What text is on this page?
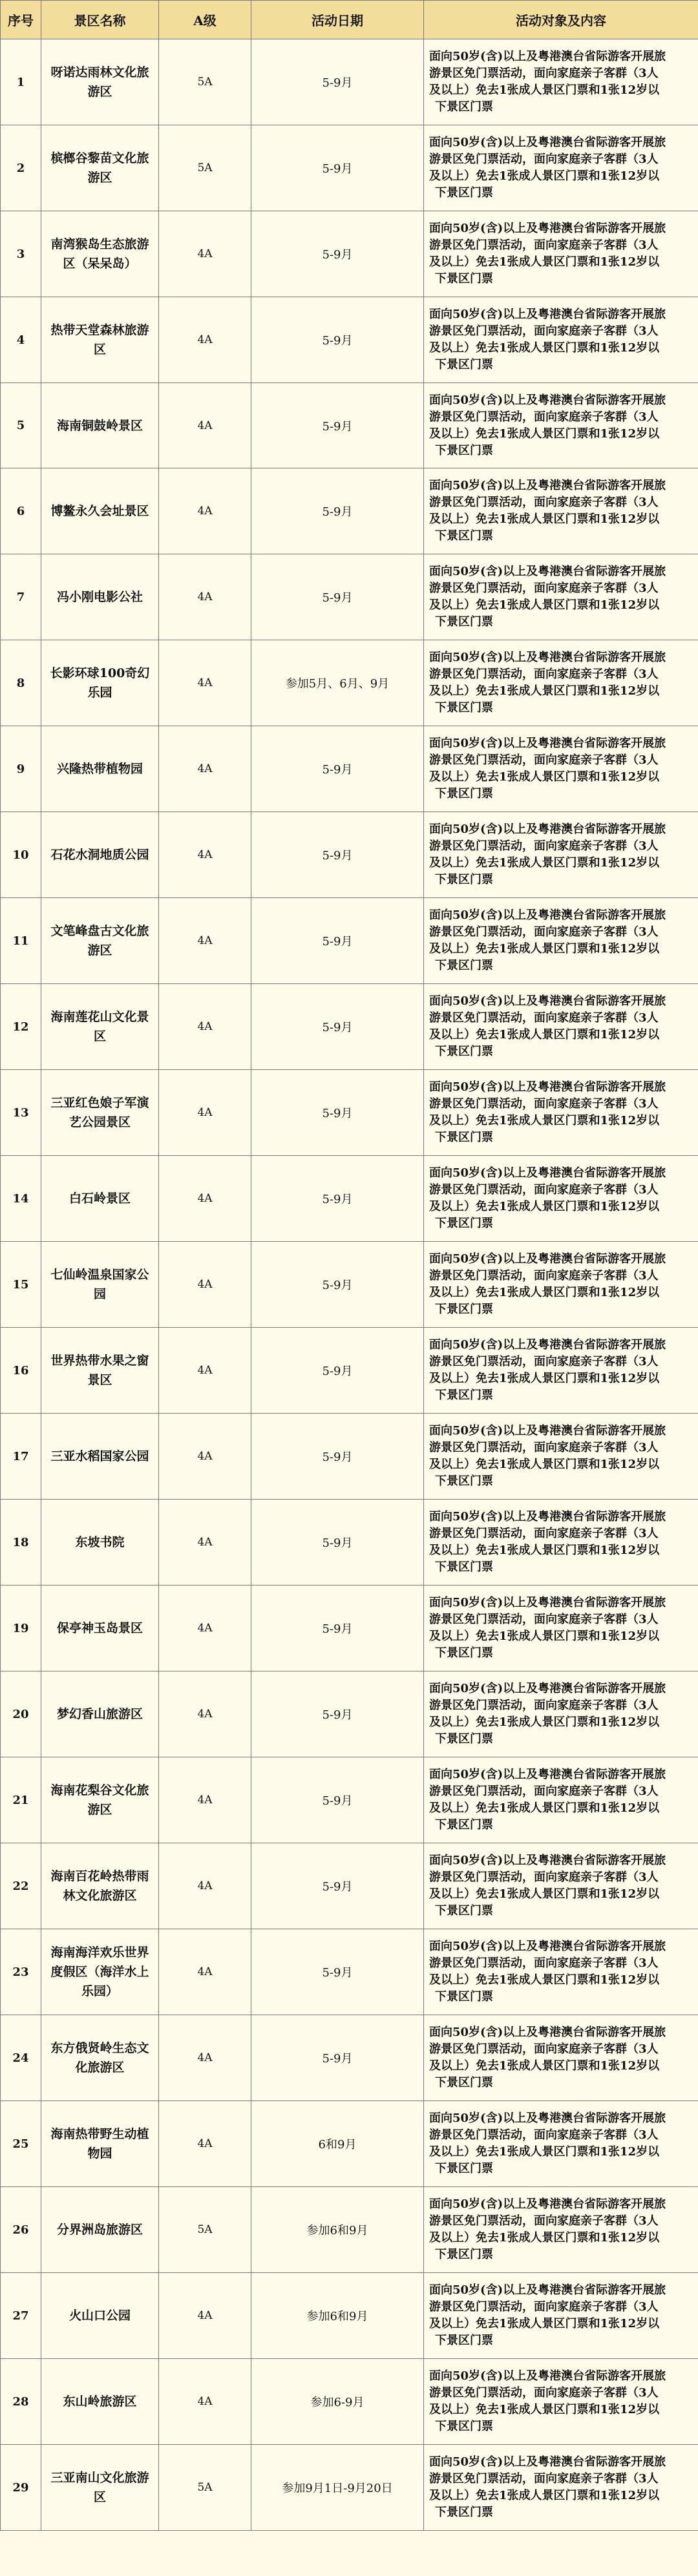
序号	景区名称	A级	活动日期	活动对象及内容
1	呀诺达雨林文化旅游区	5A	5-9月	面向50岁(含)以上及粤港澳台省际游客开展旅
游景区免门票活动，面向家庭亲子客群（3人
及以上）免去1张成人景区门票和1张12岁以
下景区门票

2	槟榔谷黎苗文化旅游区	5A	5-9月	面向50岁(含)以上及粤港澳台省际游客开展旅
游景区免门票活动，面向家庭亲子客群（3人
及以上）免去1张成人景区门票和1张12岁以
下景区门票

3	南湾猴岛生态旅游区（呆呆岛）	4A	5-9月	面向50岁(含)以上及粤港澳台省际游客开展旅
游景区免门票活动，面向家庭亲子客群（3人
及以上）免去1张成人景区门票和1张12岁以
下景区门票

4	热带天堂森林旅游区	4A	5-9月	面向50岁(含)以上及粤港澳台省际游客开展旅
游景区免门票活动，面向家庭亲子客群（3人
及以上）免去1张成人景区门票和1张12岁以
下景区门票

5	海南铜鼓岭景区	4A	5-9月	面向50岁(含)以上及粤港澳台省际游客开展旅
游景区免门票活动，面向家庭亲子客群（3人
及以上）免去1张成人景区门票和1张12岁以
下景区门票

6	博鳌永久会址景区	4A	5-9月	面向50岁(含)以上及粤港澳台省际游客开展旅
游景区免门票活动，面向家庭亲子客群（3人
及以上）免去1张成人景区门票和1张12岁以
下景区门票

7	冯小刚电影公社	4A	5-9月	面向50岁(含)以上及粤港澳台省际游客开展旅
游景区免门票活动，面向家庭亲子客群（3人
及以上）免去1张成人景区门票和1张12岁以
下景区门票

8	长影环球100奇幻乐园	4A	参加5月、6月、9月	面向50岁(含)以上及粤港澳台省际游客开展旅
游景区免门票活动，面向家庭亲子客群（3人
及以上）免去1张成人景区门票和1张12岁以
下景区门票

9	兴隆热带植物园	4A	5-9月	面向50岁(含)以上及粤港澳台省际游客开展旅
游景区免门票活动，面向家庭亲子客群（3人
及以上）免去1张成人景区门票和1张12岁以
下景区门票

10	石花水洞地质公园	4A	5-9月	面向50岁(含)以上及粤港澳台省际游客开展旅
游景区免门票活动，面向家庭亲子客群（3人
及以上）免去1张成人景区门票和1张12岁以
下景区门票

11	文笔峰盘古文化旅游区	4A	5-9月	面向50岁(含)以上及粤港澳台省际游客开展旅
游景区免门票活动，面向家庭亲子客群（3人
及以上）免去1张成人景区门票和1张12岁以
下景区门票

12	海南莲花山文化景区	4A	5-9月	面向50岁(含)以上及粤港澳台省际游客开展旅
游景区免门票活动，面向家庭亲子客群（3人
及以上）免去1张成人景区门票和1张12岁以
下景区门票

13	三亚红色娘子军演艺公园景区	4A	5-9月	面向50岁(含)以上及粤港澳台省际游客开展旅
游景区免门票活动，面向家庭亲子客群（3人
及以上）免去1张成人景区门票和1张12岁以
下景区门票

14	白石岭景区	4A	5-9月	面向50岁(含)以上及粤港澳台省际游客开展旅
游景区免门票活动，面向家庭亲子客群（3人
及以上）免去1张成人景区门票和1张12岁以
下景区门票

15	七仙岭温泉国家公园	4A	5-9月	面向50岁(含)以上及粤港澳台省际游客开展旅
游景区免门票活动，面向家庭亲子客群（3人
及以上）免去1张成人景区门票和1张12岁以
下景区门票

16	世界热带水果之窗景区	4A	5-9月	面向50岁(含)以上及粤港澳台省际游客开展旅
游景区免门票活动，面向家庭亲子客群（3人
及以上）免去1张成人景区门票和1张12岁以
下景区门票

17	三亚水稻国家公园	4A	5-9月	面向50岁(含)以上及粤港澳台省际游客开展旅
游景区免门票活动，面向家庭亲子客群（3人
及以上）免去1张成人景区门票和1张12岁以
下景区门票

18	东坡书院	4A	5-9月	面向50岁(含)以上及粤港澳台省际游客开展旅
游景区免门票活动，面向家庭亲子客群（3人
及以上）免去1张成人景区门票和1张12岁以
下景区门票

19	保亭神玉岛景区	4A	5-9月	面向50岁(含)以上及粤港澳台省际游客开展旅
游景区免门票活动，面向家庭亲子客群（3人
及以上）免去1张成人景区门票和1张12岁以
下景区门票

20	梦幻香山旅游区	4A	5-9月	面向50岁(含)以上及粤港澳台省际游客开展旅
游景区免门票活动，面向家庭亲子客群（3人
及以上）免去1张成人景区门票和1张12岁以
下景区门票

21	海南花梨谷文化旅游区	4A	5-9月	面向50岁(含)以上及粤港澳台省际游客开展旅
游景区免门票活动，面向家庭亲子客群（3人
及以上）免去1张成人景区门票和1张12岁以
下景区门票

22	海南百花岭热带雨林文化旅游区	4A	5-9月	面向50岁(含)以上及粤港澳台省际游客开展旅
游景区免门票活动，面向家庭亲子客群（3人
及以上）免去1张成人景区门票和1张12岁以
下景区门票

23	海南海洋欢乐世界度假区（海洋水上乐园）	4A	5-9月	面向50岁(含)以上及粤港澳台省际游客开展旅
游景区免门票活动，面向家庭亲子客群（3人
及以上）免去1张成人景区门票和1张12岁以
下景区门票

24	东方俄贤岭生态文化旅游区	4A	5-9月	面向50岁(含)以上及粤港澳台省际游客开展旅
游景区免门票活动，面向家庭亲子客群（3人
及以上）免去1张成人景区门票和1张12岁以
下景区门票

25	海南热带野生动植物园	4A	6和9月	面向50岁(含)以上及粤港澳台省际游客开展旅
游景区免门票活动，面向家庭亲子客群（3人
及以上）免去1张成人景区门票和1张12岁以
下景区门票

26	分界洲岛旅游区	5A	参加6和9月	面向50岁(含)以上及粤港澳台省际游客开展旅
游景区免门票活动，面向家庭亲子客群（3人
及以上）免去1张成人景区门票和1张12岁以
下景区门票

27	火山口公园	4A	参加6和9月	面向50岁(含)以上及粤港澳台省际游客开展旅
游景区免门票活动，面向家庭亲子客群（3人
及以上）免去1张成人景区门票和1张12岁以
下景区门票

28	东山岭旅游区	4A	参加6-9月	面向50岁(含)以上及粤港澳台省际游客开展旅
游景区免门票活动，面向家庭亲子客群（3人
及以上）免去1张成人景区门票和1张12岁以
下景区门票

29	三亚南山文化旅游区	5A	参加9月1日-9月20日	面向50岁(含)以上及粤港澳台省际游客开展旅
游景区免门票活动，面向家庭亲子客群（3人
及以上）免去1张成人景区门票和1张12岁以
下景区门票
